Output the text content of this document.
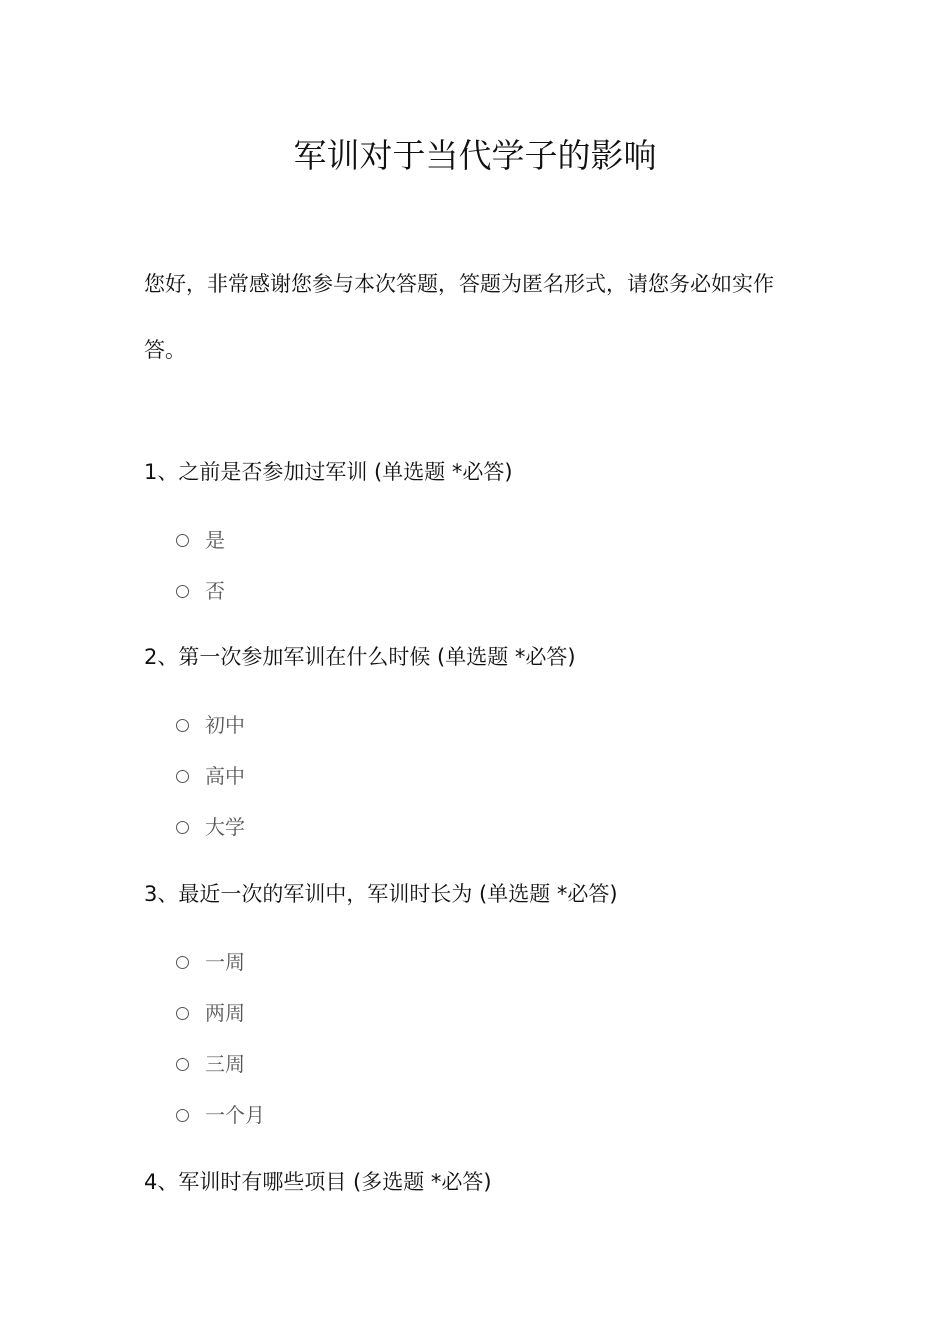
军训对于当代学子的影响
您好，非常感谢您参与本次答题，答题为匿名形式，请您务必如实作答。
1、之前是否参加过军训 (单选题 *必答)
是
否
2、第一次参加军训在什么时候 (单选题 *必答)
初中
高中
大学
3、最近一次的军训中，军训时长为 (单选题 *必答)
一周
两周
三周
一个月
4、军训时有哪些项目 (多选题 *必答)
